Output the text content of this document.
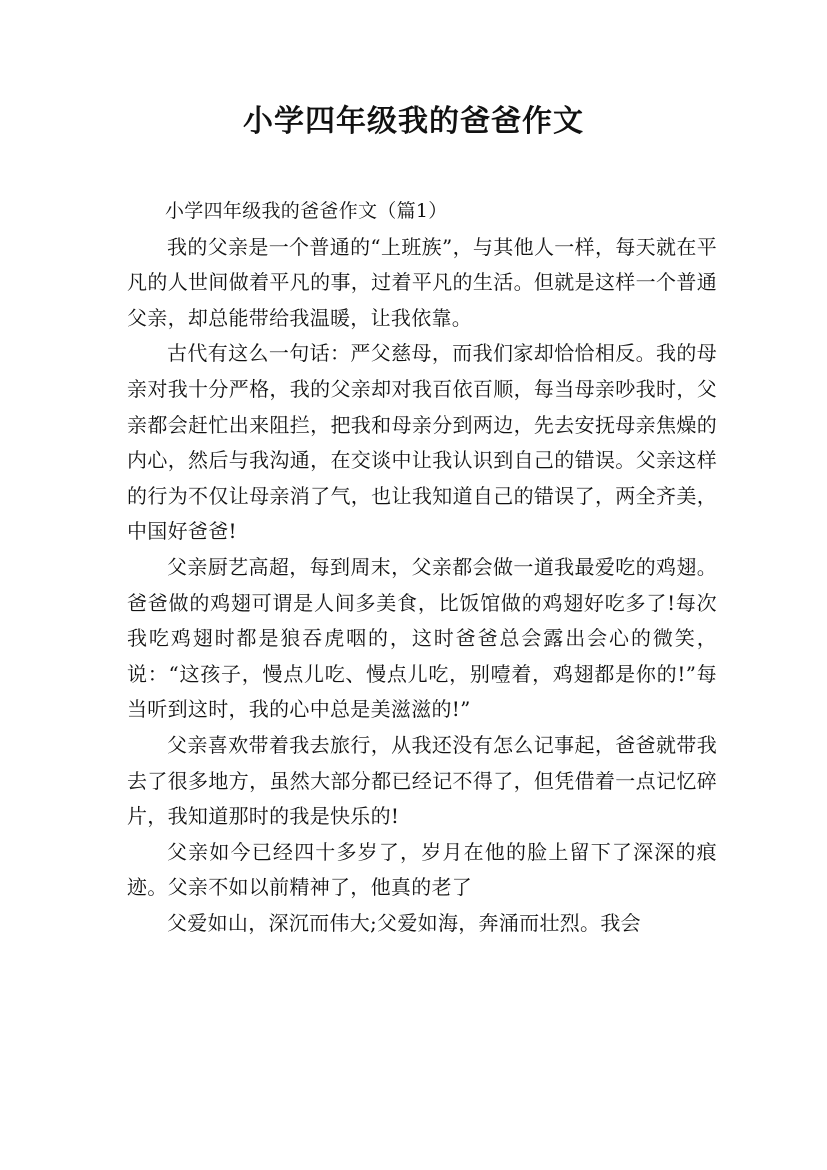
小学四年级我的爸爸作文

小学四年级我的爸爸作文（篇1）

我的父亲是一个普通的“上班族”，与其他人一样，每天就在平凡的人世间做着平凡的事，过着平凡的生活。但就是这样一个普通父亲，却总能带给我温暖，让我依靠。

古代有这么一句话：严父慈母，而我们家却恰恰相反。我的母亲对我十分严格，我的父亲却对我百依百顺，每当母亲吵我时，父亲都会赶忙出来阻拦，把我和母亲分到两边，先去安抚母亲焦燥的内心，然后与我沟通，在交谈中让我认识到自己的错误。父亲这样的行为不仅让母亲消了气，也让我知道自己的错误了，两全齐美，中国好爸爸!

父亲厨艺高超，每到周末，父亲都会做一道我最爱吃的鸡翅。爸爸做的鸡翅可谓是人间多美食，比饭馆做的鸡翅好吃多了!每次我吃鸡翅时都是狼吞虎咽的，这时爸爸总会露出会心的微笑，说：“这孩子，慢点儿吃、慢点儿吃，别噎着，鸡翅都是你的!”每当听到这时，我的心中总是美滋滋的!”

父亲喜欢带着我去旅行，从我还没有怎么记事起，爸爸就带我去了很多地方，虽然大部分都已经记不得了，但凭借着一点记忆碎片，我知道那时的我是快乐的!

父亲如今已经四十多岁了，岁月在他的脸上留下了深深的痕迹。父亲不如以前精神了，他真的老了

父爱如山，深沉而伟大;父爱如海，奔涌而壮烈。我会
